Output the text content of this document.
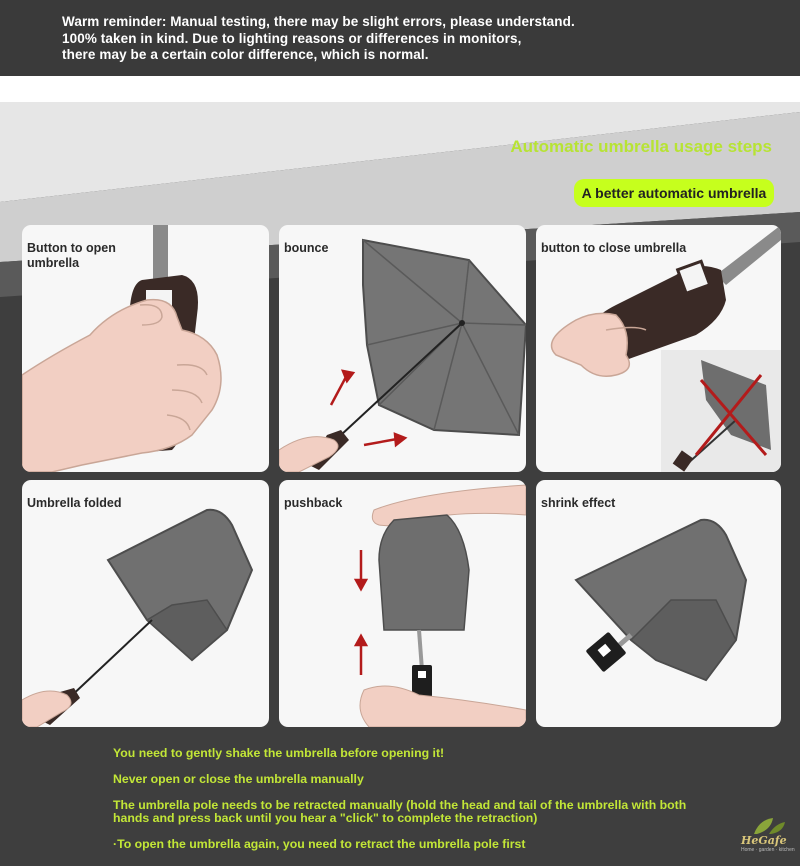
Warm reminder: Manual testing, there may be slight errors, please understand.

100% taken in kind. Due to lighting reasons or differences in monitors,

there may be a certain color difference, which is normal.

Automatic umbrella usage steps
A better automatic umbrella
Button to open umbrella
bounce	button to close umbrella
Umbrella folded	pushback	shrink effect

You need to gently shake the umbrella before opening it!

Never open or close the umbrella manually

The umbrella pole needs to be retracted manually (hold the head and tail of the umbrella with both hands and press back until you hear a "click" to complete the retraction)

·To open the umbrella again, you need to retract the umbrella pole first	HeGafe
Home · garden · kitchen
